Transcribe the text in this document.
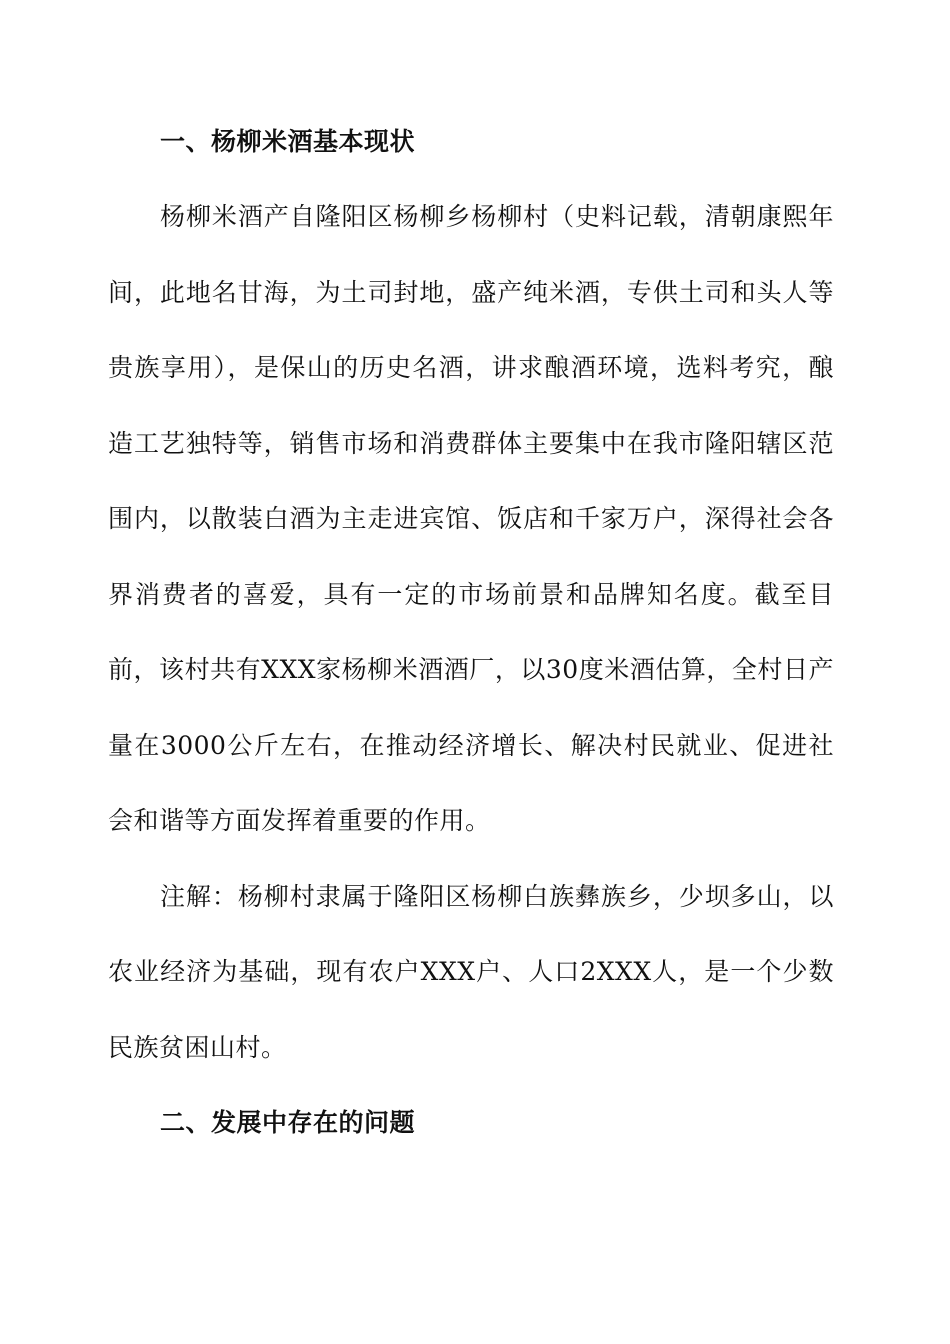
一、杨柳米酒基本现状

杨柳米酒产自隆阳区杨柳乡杨柳村（史料记载，清朝康熙年间，此地名甘海，为土司封地，盛产纯米酒，专供土司和头人等贵族享用），是保山的历史名酒，讲求酿酒环境，选料考究，酿造工艺独特等，销售市场和消费群体主要集中在我市隆阳辖区范围内，以散装白酒为主走进宾馆、饭店和千家万户，深得社会各界消费者的喜爱，具有一定的市场前景和品牌知名度。截至目前，该村共有XXX家杨柳米酒酒厂，以30度米酒估算，全村日产量在3000公斤左右，在推动经济增长、解决村民就业、促进社会和谐等方面发挥着重要的作用。

注解：杨柳村隶属于隆阳区杨柳白族彝族乡，少坝多山，以农业经济为基础，现有农户XXX户、人口2XXX人，是一个少数民族贫困山村。

二、发展中存在的问题
